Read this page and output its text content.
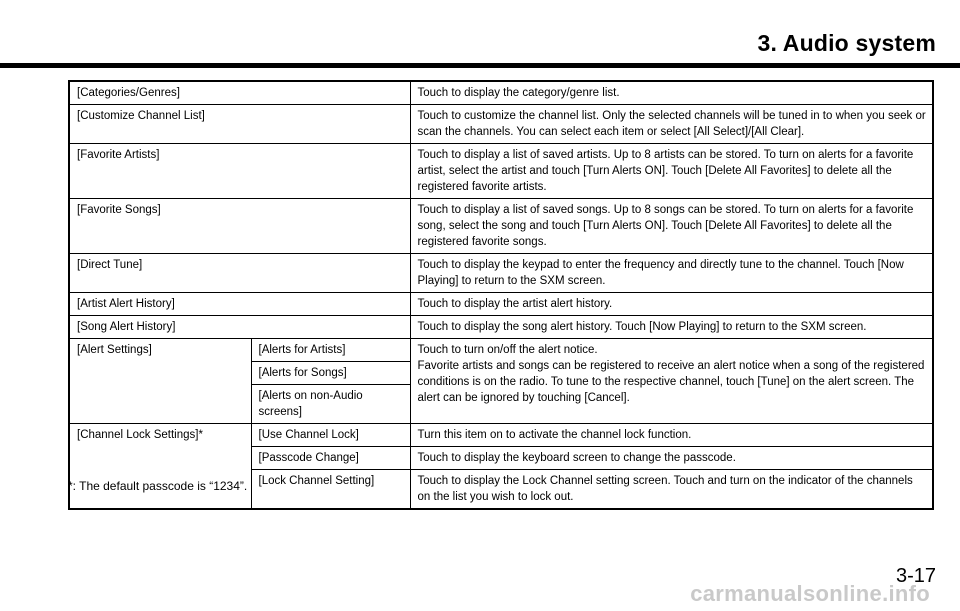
3. Audio system
[Categories/Genres]		Touch to display the category/genre list.
[Customize Channel List]		Touch to customize the channel list. Only the selected channels will be tuned in to when you seek or scan the channels. You can select each item or select [All Select]/[All Clear].
[Favorite Artists]		Touch to display a list of saved artists. Up to 8 artists can be stored. To turn on alerts for a favorite artist, select the artist and touch [Turn Alerts ON]. Touch [Delete All Favorites] to delete all the registered favorite artists.
[Favorite Songs]		Touch to display a list of saved songs. Up to 8 songs can be stored. To turn on alerts for a favorite song, select the song and touch [Turn Alerts ON]. Touch [Delete All Favorites] to delete all the registered favorite songs.
[Direct Tune]		Touch to display the keypad to enter the frequency and directly tune to the channel. Touch [Now Playing] to return to the SXM screen.
[Artist Alert History]		Touch to display the artist alert history.
[Song Alert History]		Touch to display the song alert history. Touch [Now Playing] to return to the SXM screen.
[Alert Settings]	[Alerts for Artists]	Touch to turn on/off the alert notice.
Favorite artists and songs can be registered to receive an alert notice when a song of the registered conditions is on the radio. To tune to the respective channel, touch [Tune] on the alert screen. The alert can be ignored by touching [Cancel].

	[Alerts for Songs]	
	[Alerts on non-Audio screens]	
[Channel Lock Settings]*	[Use Channel Lock]	Turn this item on to activate the channel lock function.
	[Passcode Change]	Touch to display the keyboard screen to change the passcode.
	[Lock Channel Setting]	Touch to display the Lock Channel setting screen. Touch and turn on the indicator of the channels on the list you wish to lock out.
*: The default passcode is “1234”.
3-17
carmanualsonline.info
